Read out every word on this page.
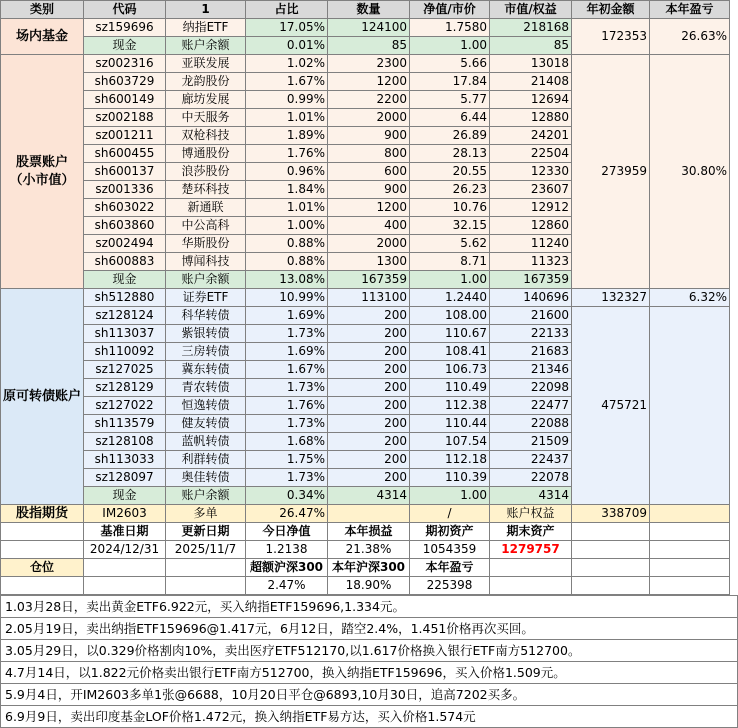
类别	代码	1	占比	数量	净值/市价	市值/权益	年初金额	本年盈亏
场内基金	sz159696	纳指ETF	17.05%	124100	1.7580	218168	172353	26.63%
	现金	账户余额	0.01%	85	1.00	85		
股票账户
（小市值）	sz002316	亚联发展	1.02%	2300	5.66	13018	273959	30.80%
	sh603729	龙韵股份	1.67%	1200	17.84	21408		
	sh600149	廊坊发展	0.99%	2200	5.77	12694		
	sz002188	中天服务	1.01%	2000	6.44	12880		
	sz001211	双枪科技	1.89%	900	26.89	24201		
	sh600455	博通股份	1.76%	800	28.13	22504		
	sh600137	浪莎股份	0.96%	600	20.55	12330		
	sz001336	楚环科技	1.84%	900	26.23	23607		
	sh603022	新通联	1.01%	1200	10.76	12912		
	sh603860	中公高科	1.00%	400	32.15	12860		
	sz002494	华斯股份	0.88%	2000	5.62	11240		
	sh600883	博闻科技	0.88%	1300	8.71	11323		
	现金	账户余额	13.08%	167359	1.00	167359		
原可转债账户	sh512880	证券ETF	10.99%	113100	1.2440	140696	132327	6.32%
	sz128124	科华转债	1.69%	200	108.00	21600	475721	
	sh113037	紫银转债	1.73%	200	110.67	22133		
	sh110092	三房转债	1.69%	200	108.41	21683		
	sz127025	冀东转债	1.67%	200	106.73	21346		
	sz128129	青农转债	1.73%	200	110.49	22098		
	sz127022	恒逸转债	1.76%	200	112.38	22477		
	sh113579	健友转债	1.73%	200	110.44	22088		
	sz128108	蓝帆转债	1.68%	200	107.54	21509		
	sh113033	利群转债	1.75%	200	112.18	22437		
	sz128097	奥佳转债	1.73%	200	110.39	22078		
	现金	账户余额	0.34%	4314	1.00	4314		
股指期货	IM2603	多单	26.47%		/	账户权益	338709	
	基准日期	更新日期	今日净值	本年损益	期初资产	期末资产		
	2024/12/31	2025/11/7	1.2138	21.38%	1054359	1279757		
仓位			超额沪深300	本年沪深300	本年盈亏			
			2.47%	18.90%	225398			
1.03月28日，卖出黄金ETF6.922元，买入纳指ETF159696,1.334元。
2.05月19日，卖出纳指ETF159696@1.417元，6月12日，踏空2.4%，1.451价格再次买回。
3.05月29日，以0.329价格割肉10%，卖出医疗ETF512170,以1.617价格换入银行ETF南方512700。
4.7月14日，以1.822元价格卖出银行ETF南方512700，换入纳指ETF159696，买入价格1.509元。
5.9月4日，开IM2603多单1张@6688，10月20日平仓@6893,10月30日，追高7202买多。
6.9月9日，卖出印度基金LOF价格1.472元，换入纳指ETF易方达，买入价格1.574元
